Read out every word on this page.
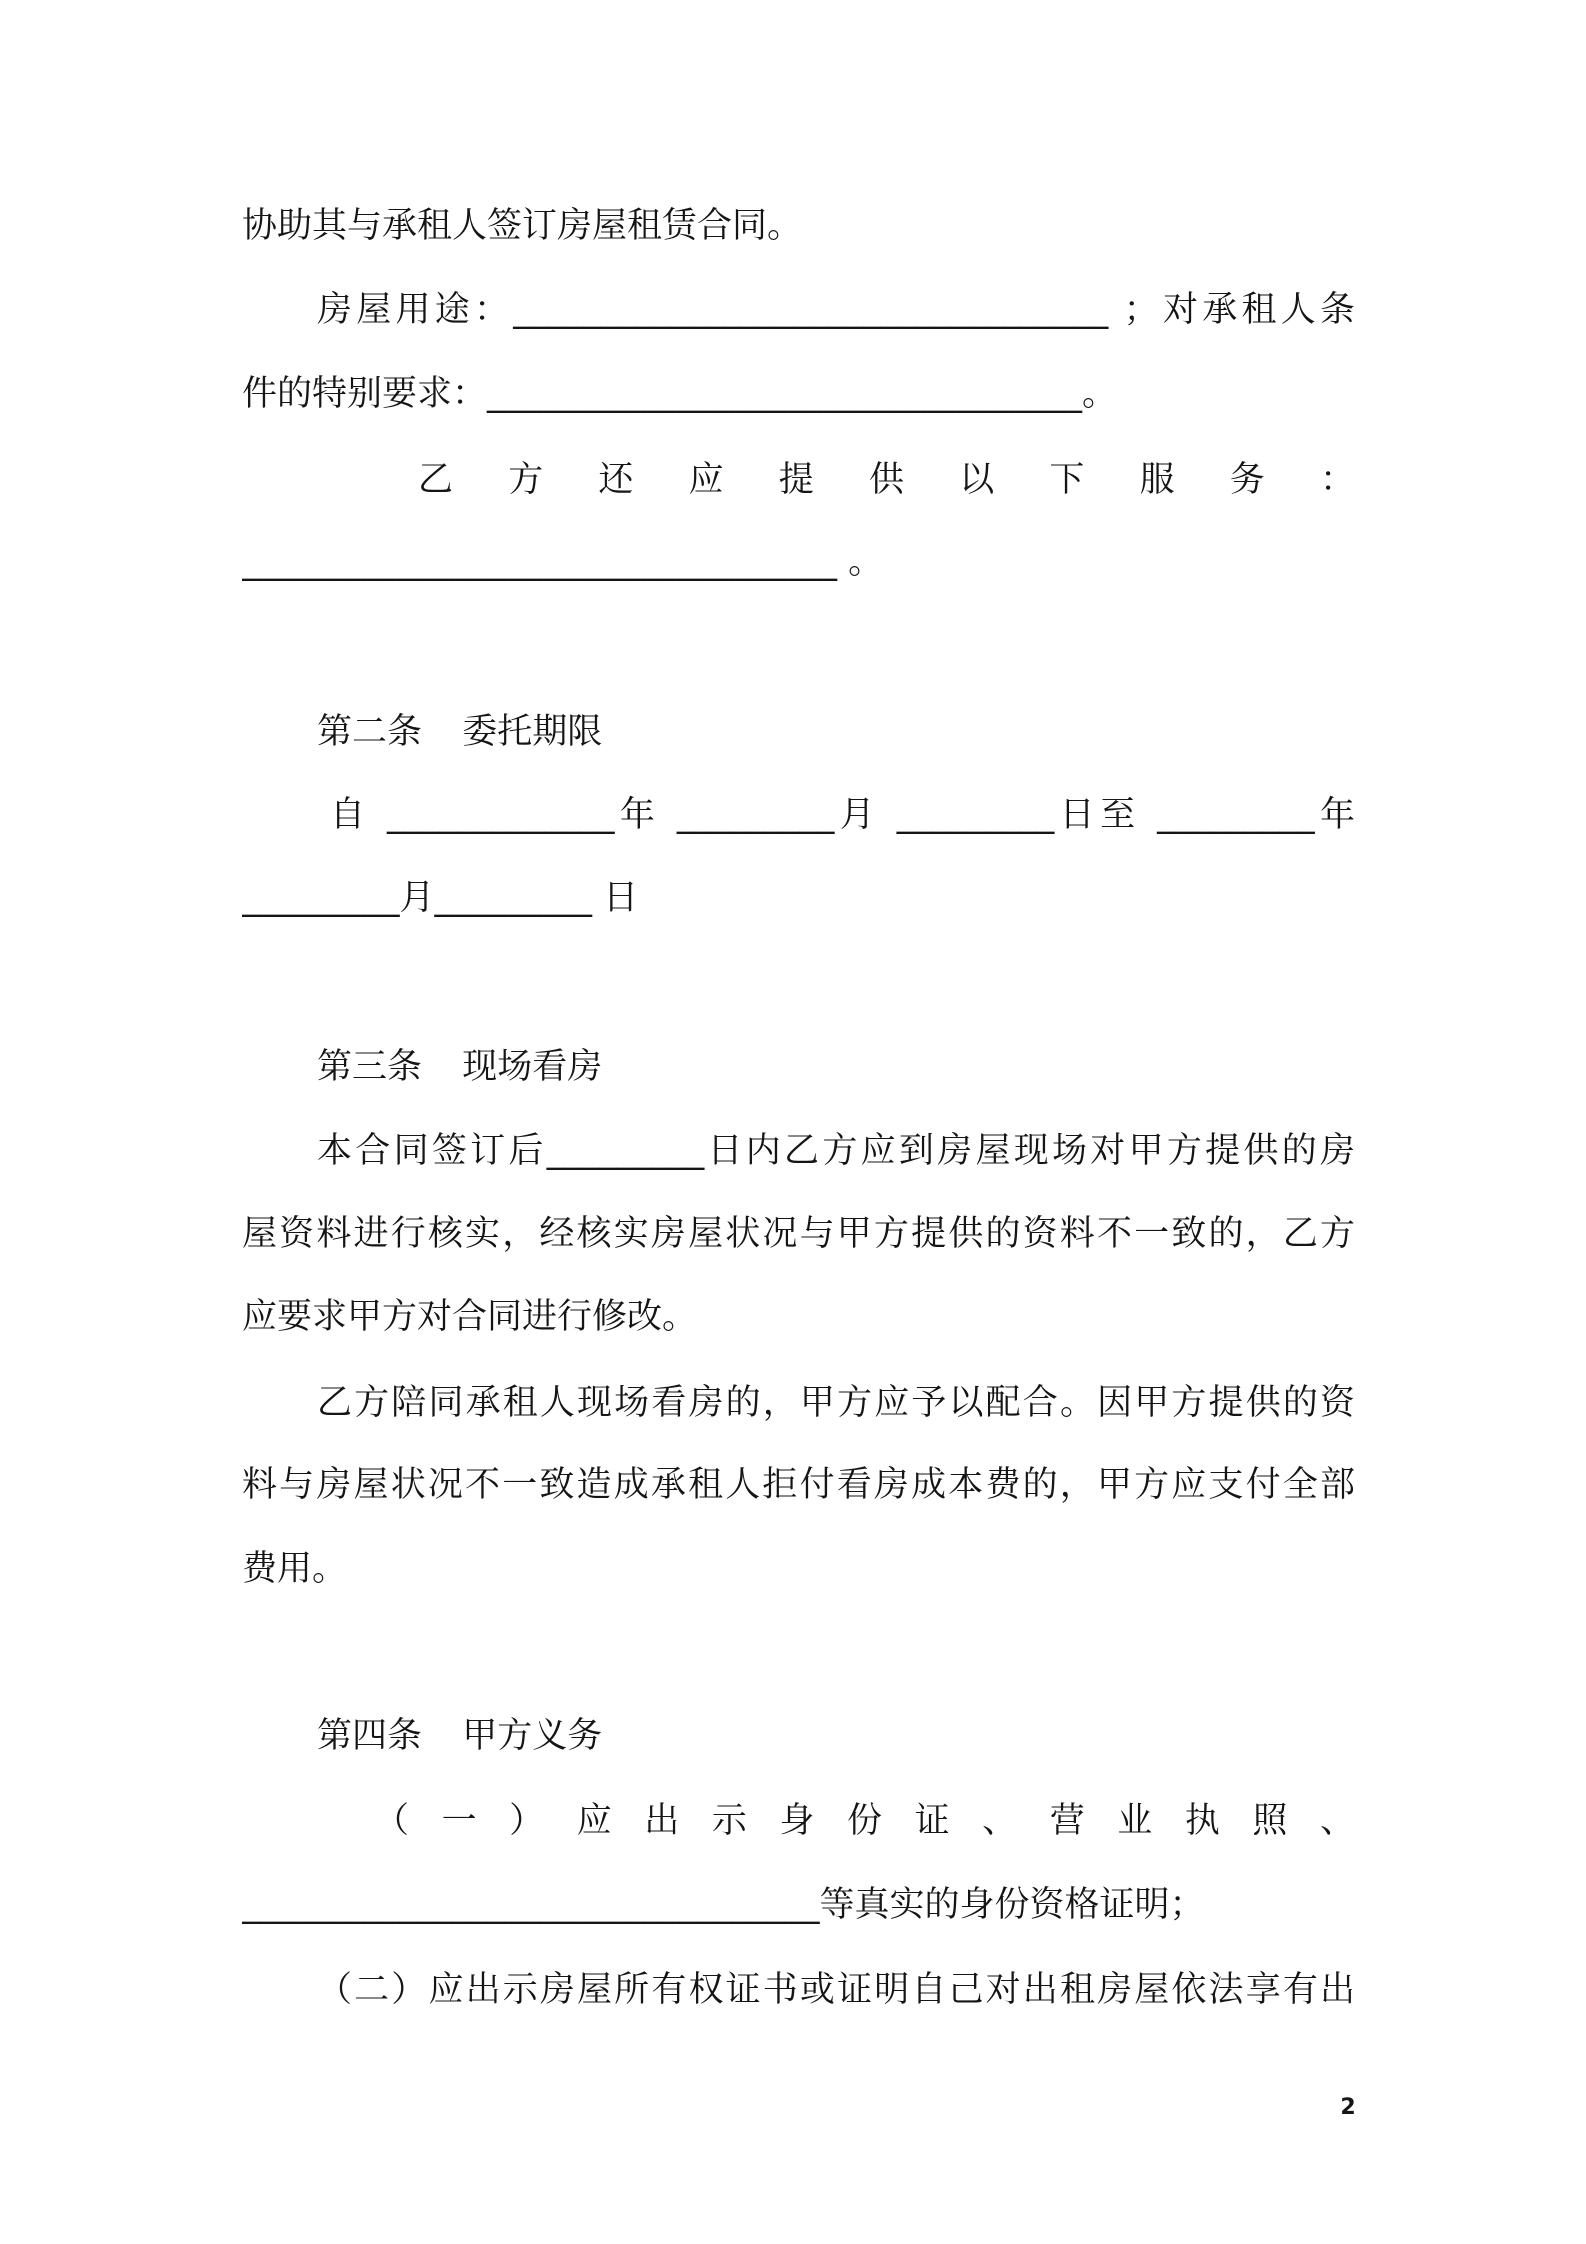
协助其与承租人签订房屋租赁合同。
房屋用途：__________________________________ ；对承租人条
件的特别要求：__________________________________。
乙方还应提供以下服务：
__________________________________ 。
第二条  委托期限
自 _____________年 _________月 _________日至 _________年
_________月_________ 日
第三条  现场看房
本合同签订后_________日内乙方应到房屋现场对甲方提供的房
屋资料进行核实，经核实房屋状况与甲方提供的资料不一致的，乙方
应要求甲方对合同进行修改。
乙方陪同承租人现场看房的，甲方应予以配合。因甲方提供的资
料与房屋状况不一致造成承租人拒付看房成本费的，甲方应支付全部
费用。
第四条  甲方义务
（一）应出示身份证、营业执照、
_________________________________等真实的身份资格证明；
（二）应出示房屋所有权证书或证明自己对出租房屋依法享有出
2
